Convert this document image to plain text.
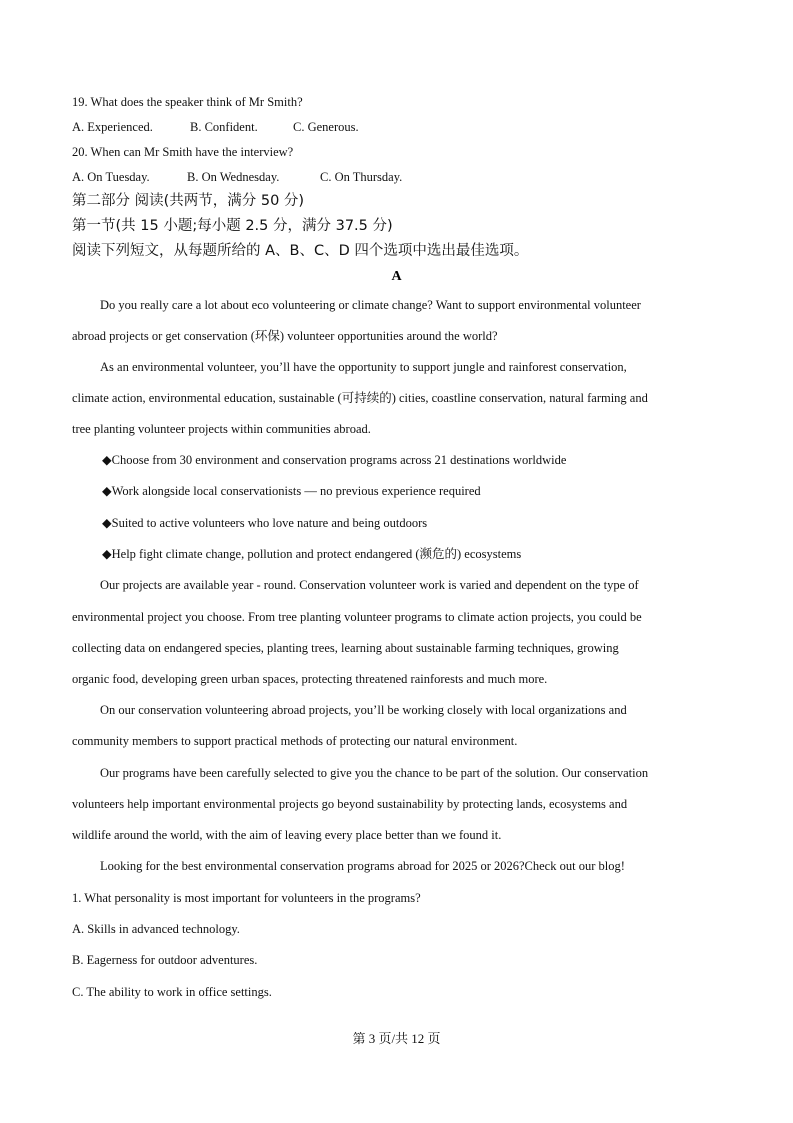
19. What does the speaker think of Mr Smith?
A. Experienced.	B. Confident.	C. Generous.
20. When can Mr Smith have the interview?
A. On Tuesday.	B. On Wednesday.	C. On Thursday.
第二部分 阅读(共两节，满分 50 分)
第一节(共 15 小题;每小题 2.5 分，满分 37.5 分)
阅读下列短文，从每题所给的 A、B、C、D 四个选项中选出最佳选项。
A
Do you really care a lot about eco volunteering or climate change? Want to support environmental volunteer
abroad projects or get conservation (环保) volunteer opportunities around the world?
As an environmental volunteer, you’ll have the opportunity to support jungle and rainforest conservation,
climate action, environmental education, sustainable (可持续的) cities, coastline conservation, natural farming and
tree planting volunteer projects within communities abroad.
◆Choose from 30 environment and conservation programs across 21 destinations worldwide
◆Work alongside local conservationists — no previous experience required
◆Suited to active volunteers who love nature and being outdoors
◆Help fight climate change, pollution and protect endangered (濒危的) ecosystems
Our projects are available year - round. Conservation volunteer work is varied and dependent on the type of
environmental project you choose. From tree planting volunteer programs to climate action projects, you could be
collecting data on endangered species, planting trees, learning about sustainable farming techniques, growing
organic food, developing green urban spaces, protecting threatened rainforests and much more.
On our conservation volunteering abroad projects, you’ll be working closely with local organizations and
community members to support practical methods of protecting our natural environment.
Our programs have been carefully selected to give you the chance to be part of the solution. Our conservation
volunteers help important environmental projects go beyond sustainability by protecting lands, ecosystems and
wildlife around the world, with the aim of leaving every place better than we found it.
Looking for the best environmental conservation programs abroad for 2025 or 2026?Check out our blog!
1. What personality is most important for volunteers in the programs?
A. Skills in advanced technology.
B. Eagerness for outdoor adventures.
C. The ability to work in office settings.
第 3 页/共 12 页
